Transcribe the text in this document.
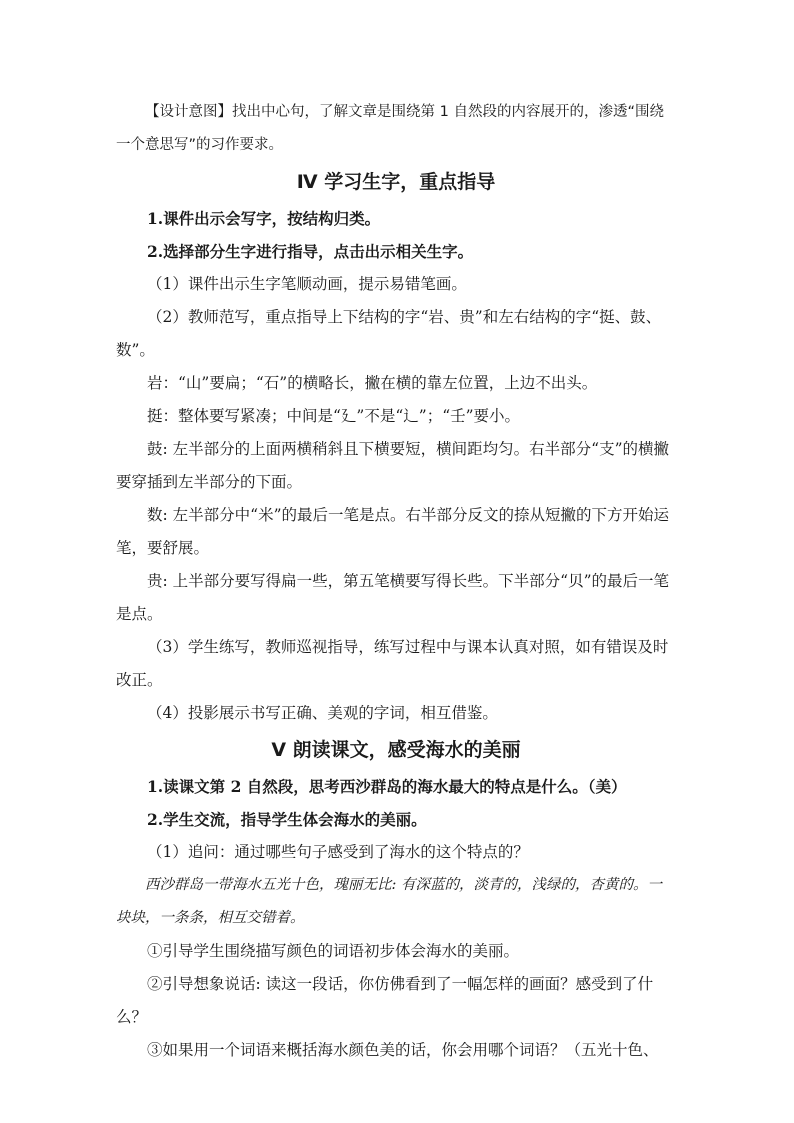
【设计意图】找出中心句，了解文章是围绕第 1 自然段的内容展开的，渗透“围绕一个意思写”的习作要求。

Ⅳ 学习生字，重点指导

1.课件出示会写字，按结构归类。

2.选择部分生字进行指导，点击出示相关生字。

（1）课件出示生字笔顺动画，提示易错笔画。

（2）教师范写，重点指导上下结构的字“岩、贵”和左右结构的字“挺、鼓、数”。

岩：“山”要扁；“石”的横略长，撇在横的靠左位置，上边不出头。

挺：整体要写紧凑；中间是“廴”不是“辶”；“壬”要小。

鼓: 左半部分的上面两横稍斜且下横要短，横间距均匀。右半部分“支”的横撇要穿插到左半部分的下面。

数: 左半部分中“米”的最后一笔是点。右半部分反文的捺从短撇的下方开始运笔，要舒展。

贵: 上半部分要写得扁一些，第五笔横要写得长些。下半部分“贝”的最后一笔是点。

（3）学生练写，教师巡视指导，练写过程中与课本认真对照，如有错误及时改正。

（4）投影展示书写正确、美观的字词，相互借鉴。

Ⅴ 朗读课文，感受海水的美丽

1.读课文第 2 自然段，思考西沙群岛的海水最大的特点是什么。（美）

2.学生交流，指导学生体会海水的美丽。

（1）追问：通过哪些句子感受到了海水的这个特点的？

西沙群岛一带海水五光十色，瑰丽无比: 有深蓝的，淡青的，浅绿的，杏黄的。一块块，一条条，相互交错着。

①引导学生围绕描写颜色的词语初步体会海水的美丽。

②引导想象说话: 读这一段话，你仿佛看到了一幅怎样的画面？感受到了什么？

③如果用一个词语来概括海水颜色美的话，你会用哪个词语？（五光十色、
